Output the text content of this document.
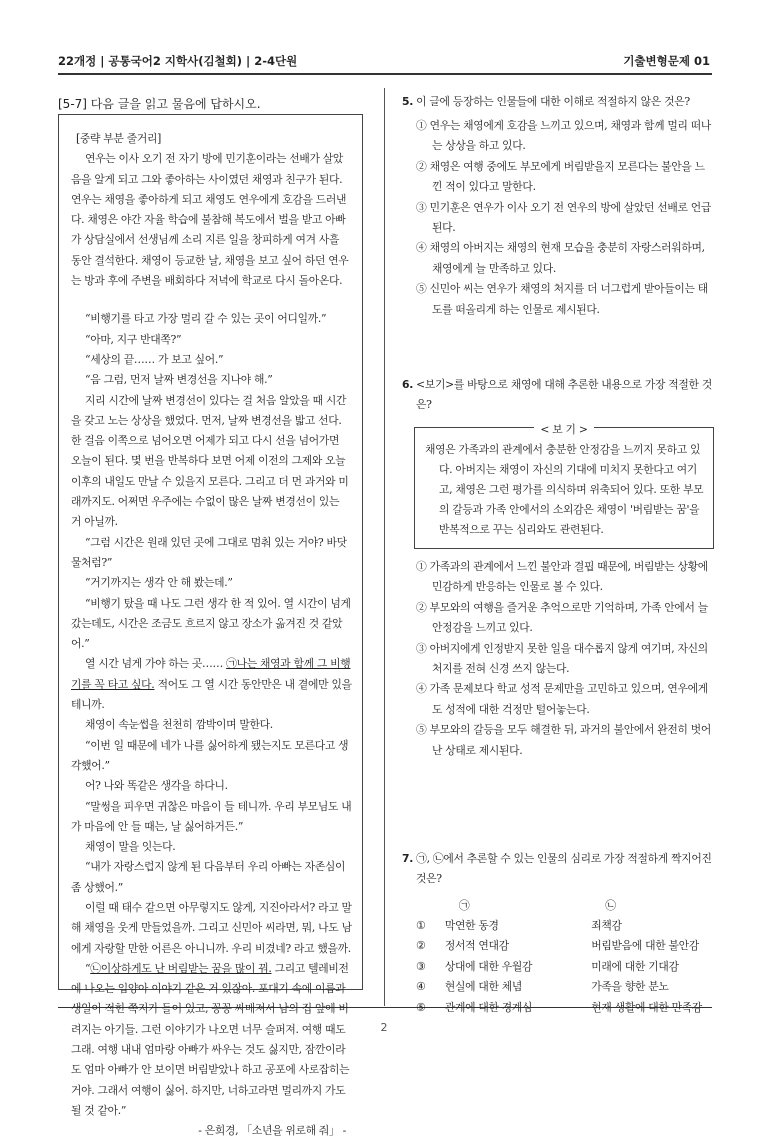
22개정 | 공통국어2 지학사(김철회) | 2-4단원	기출변형문제 01
2
[5-7] 다음 글을 읽고 물음에 답하시오.

[중략 부분 줄거리]

연우는 이사 오기 전 자기 방에 민기훈이라는 선배가 살았음을 알게 되고 그와 좋아하는 사이였던 채영과 친구가 된다. 연우는 채영을 좋아하게 되고 채영도 연우에게 호감을 드러낸다. 채영은 야간 자율 학습에 불참해 복도에서 벌을 받고 아빠가 상담실에서 선생님께 소리 지른 일을 창피하게 여겨 사흘 동안 결석한다. 채영이 등교한 날, 채영을 보고 싶어 하던 연우는 방과 후에 주변을 배회하다 저녁에 학교로 다시 돌아온다.

“비행기를 타고 가장 멀리 갈 수 있는 곳이 어디일까.”

“아마, 지구 반대쪽?”

“세상의 끝…… 가 보고 싶어.”

“음 그럼, 먼저 날짜 변경선을 지나야 해.”

지리 시간에 날짜 변경선이 있다는 걸 처음 알았을 때 시간을 갖고 노는 상상을 했었다. 먼저, 날짜 변경선을 밟고 선다. 한 걸음 이쪽으로 넘어오면 어제가 되고 다시 선을 넘어가면 오늘이 된다. 몇 번을 반복하다 보면 어제 이전의 그제와 오늘 이후의 내일도 만날 수 있을지 모른다. 그리고 더 먼 과거와 미래까지도. 어쩌면 우주에는 수없이 많은 날짜 변경선이 있는 거 아닐까.

“그럼 시간은 원래 있던 곳에 그대로 멈춰 있는 거야? 바닷물처럼?”

“거기까지는 생각 안 해 봤는데.”

“비행기 탔을 때 나도 그런 생각 한 적 있어. 열 시간이 넘게 갔는데도, 시간은 조금도 흐르지 않고 장소가 옮겨진 것 같았어.”

열 시간 넘게 가야 하는 곳…… ㉠나는 채영과 함께 그 비행기를 꼭 타고 싶다. 적어도 그 열 시간 동안만은 내 곁에만 있을 테니까.

채영이 속눈썹을 천천히 깜박이며 말한다.

“이번 일 때문에 네가 나를 싫어하게 됐는지도 모른다고 생각했어.”

어? 나와 똑같은 생각을 하다니.

“말썽을 피우면 귀찮은 마음이 들 테니까. 우리 부모님도 내가 마음에 안 들 때는, 날 싫어하거든.”

채영이 말을 잇는다.

“내가 자랑스럽지 않게 된 다음부터 우리 아빠는 자존심이 좀 상했어.”

이럴 때 태수 같으면 아무렇지도 않게, 지진아라서? 라고 말해 채영을 웃게 만들었을까. 그리고 신민아 씨라면, 뭐, 나도 남에게 자랑할 만한 어른은 아니니까. 우리 비겼네? 라고 했을까.

“㉡이상하게도 난 버림받는 꿈을 많이 꿔. 그리고 텔레비전에 나오는 입양아 이야기 같은 거 있잖아. 포대기 속에 이름과 생일이 적힌 쪽지가 들어 있고, 꽁꽁 싸매져서 남의 집 앞에 버려지는 아기들. 그런 이야기가 나오면 너무 슬퍼져. 여행 때도 그래. 여행 내내 엄마랑 아빠가 싸우는 것도 싫지만, 잠깐이라도 엄마 아빠가 안 보이면 버림받았나 하고 공포에 사로잡히는 거야. 그래서 여행이 싫어. 하지만, 너하고라면 멀리까지 가도 될 것 같아.”

- 은희경, 「소년을 위로해 줘」 -

5. 이 글에 등장하는 인물들에 대한 이해로 적절하지 않은 것은?
① 연우는 채영에게 호감을 느끼고 있으며, 채영과 함께 멀리 떠나는 상상을 하고 있다.
② 채영은 여행 중에도 부모에게 버림받을지 모른다는 불안을 느낀 적이 있다고 말한다.
③ 민기훈은 연우가 이사 오기 전 연우의 방에 살았던 선배로 언급된다.
④ 채영의 아버지는 채영의 현재 모습을 충분히 자랑스러워하며, 채영에게 늘 만족하고 있다.
⑤ 신민아 씨는 연우가 채영의 처지를 더 너그럽게 받아들이는 태도를 떠올리게 하는 인물로 제시된다.
6. <보기>를 바탕으로 채영에 대해 추론한 내용으로 가장 적절한 것은?
< 보 기 >

채영은 가족과의 관계에서 충분한 안정감을 느끼지 못하고 있다. 아버지는 채영이 자신의 기대에 미치지 못한다고 여기고, 채영은 그런 평가를 의식하며 위축되어 있다. 또한 부모의 갈등과 가족 안에서의 소외감은 채영이 '버림받는 꿈'을 반복적으로 꾸는 심리와도 관련된다.

① 가족과의 관계에서 느낀 불안과 결핍 때문에, 버림받는 상황에 민감하게 반응하는 인물로 볼 수 있다.
② 부모와의 여행을 즐거운 추억으로만 기억하며, 가족 안에서 늘 안정감을 느끼고 있다.
③ 아버지에게 인정받지 못한 일을 대수롭지 않게 여기며, 자신의 처지를 전혀 신경 쓰지 않는다.
④ 가족 문제보다 학교 성적 문제만을 고민하고 있으며, 연우에게도 성적에 대한 걱정만 털어놓는다.
⑤ 부모와의 갈등을 모두 해결한 뒤, 과거의 불안에서 완전히 벗어난 상태로 제시된다.
7. ㉠, ㉡에서 추론할 수 있는 인물의 심리로 가장 적절하게 짝지어진 것은?
	㉠	㉡
①	막연한 동경	죄책감
②	정서적 연대감	버림받음에 대한 불안감
③	상대에 대한 우월감	미래에 대한 기대감
④	현실에 대한 체념	가족을 향한 분노
⑤	관계에 대한 경계심	현재 생활에 대한 만족감
